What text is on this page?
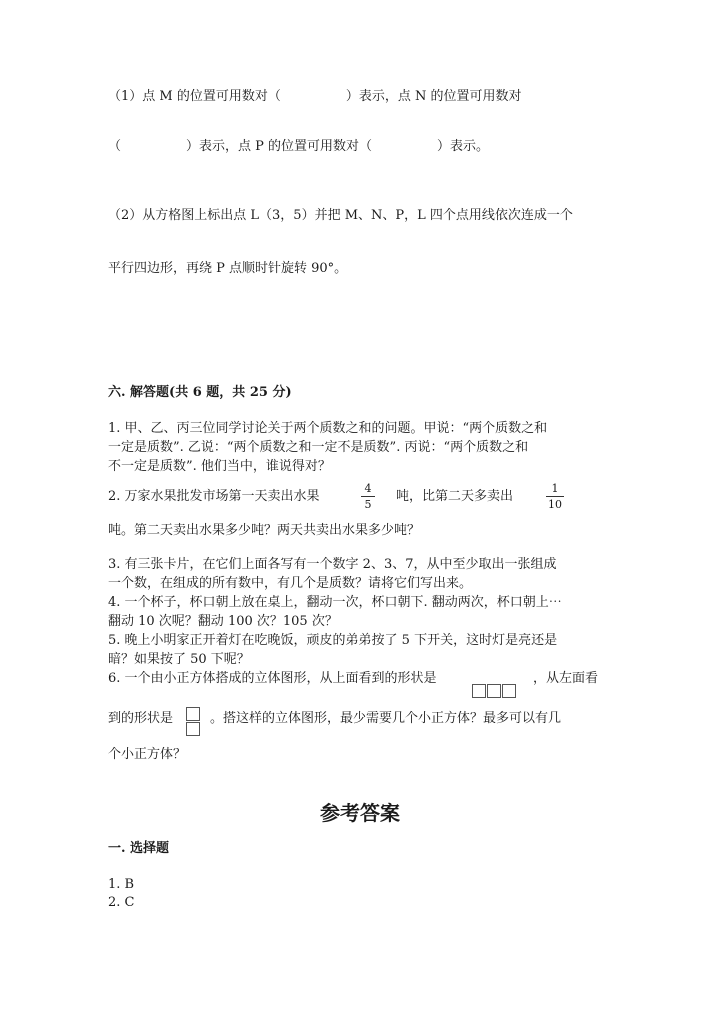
（1）点 M 的位置可用数对（　　　　　）表示，点 N 的位置可用数对
（　　　　　）表示，点 P 的位置可用数对（　　　　　）表示。
（2）从方格图上标出点 L（3，5）并把 M、N、P，L 四个点用线依次连成一个
平行四边形，再绕 P 点顺时针旋转 90°。
六. 解答题(共 6 题，共 25 分)
1. 甲、乙、丙三位同学讨论关于两个质数之和的问题。甲说：“两个质数之和
一定是质数”. 乙说：“两个质数之和一定不是质数”. 丙说：“两个质数之和
不一定是质数”. 他们当中，谁说得对？
2. 万家水果批发市场第一天卖出水果
4
5
吨，比第二天多卖出
1
10
吨。第二天卖出水果多少吨？两天共卖出水果多少吨？
3. 有三张卡片，在它们上面各写有一个数字 2、3、7，从中至少取出一张组成
一个数，在组成的所有数中，有几个是质数？请将它们写出来。
4. 一个杯子，杯口朝上放在桌上，翻动一次，杯口朝下. 翻动两次，杯口朝上⋯
翻动 10 次呢？翻动 100 次？105 次？
5. 晚上小明家正开着灯在吃晚饭，顽皮的弟弟按了 5 下开关，这时灯是亮还是
暗？如果按了 50 下呢？
6. 一个由小正方体搭成的立体图形，从上面看到的形状是	，从左面看
到的形状是	。搭这样的立体图形，最少需要几个小正方体？最多可以有几
个小正方体？
参考答案
一. 选择题
1. B
2. C
